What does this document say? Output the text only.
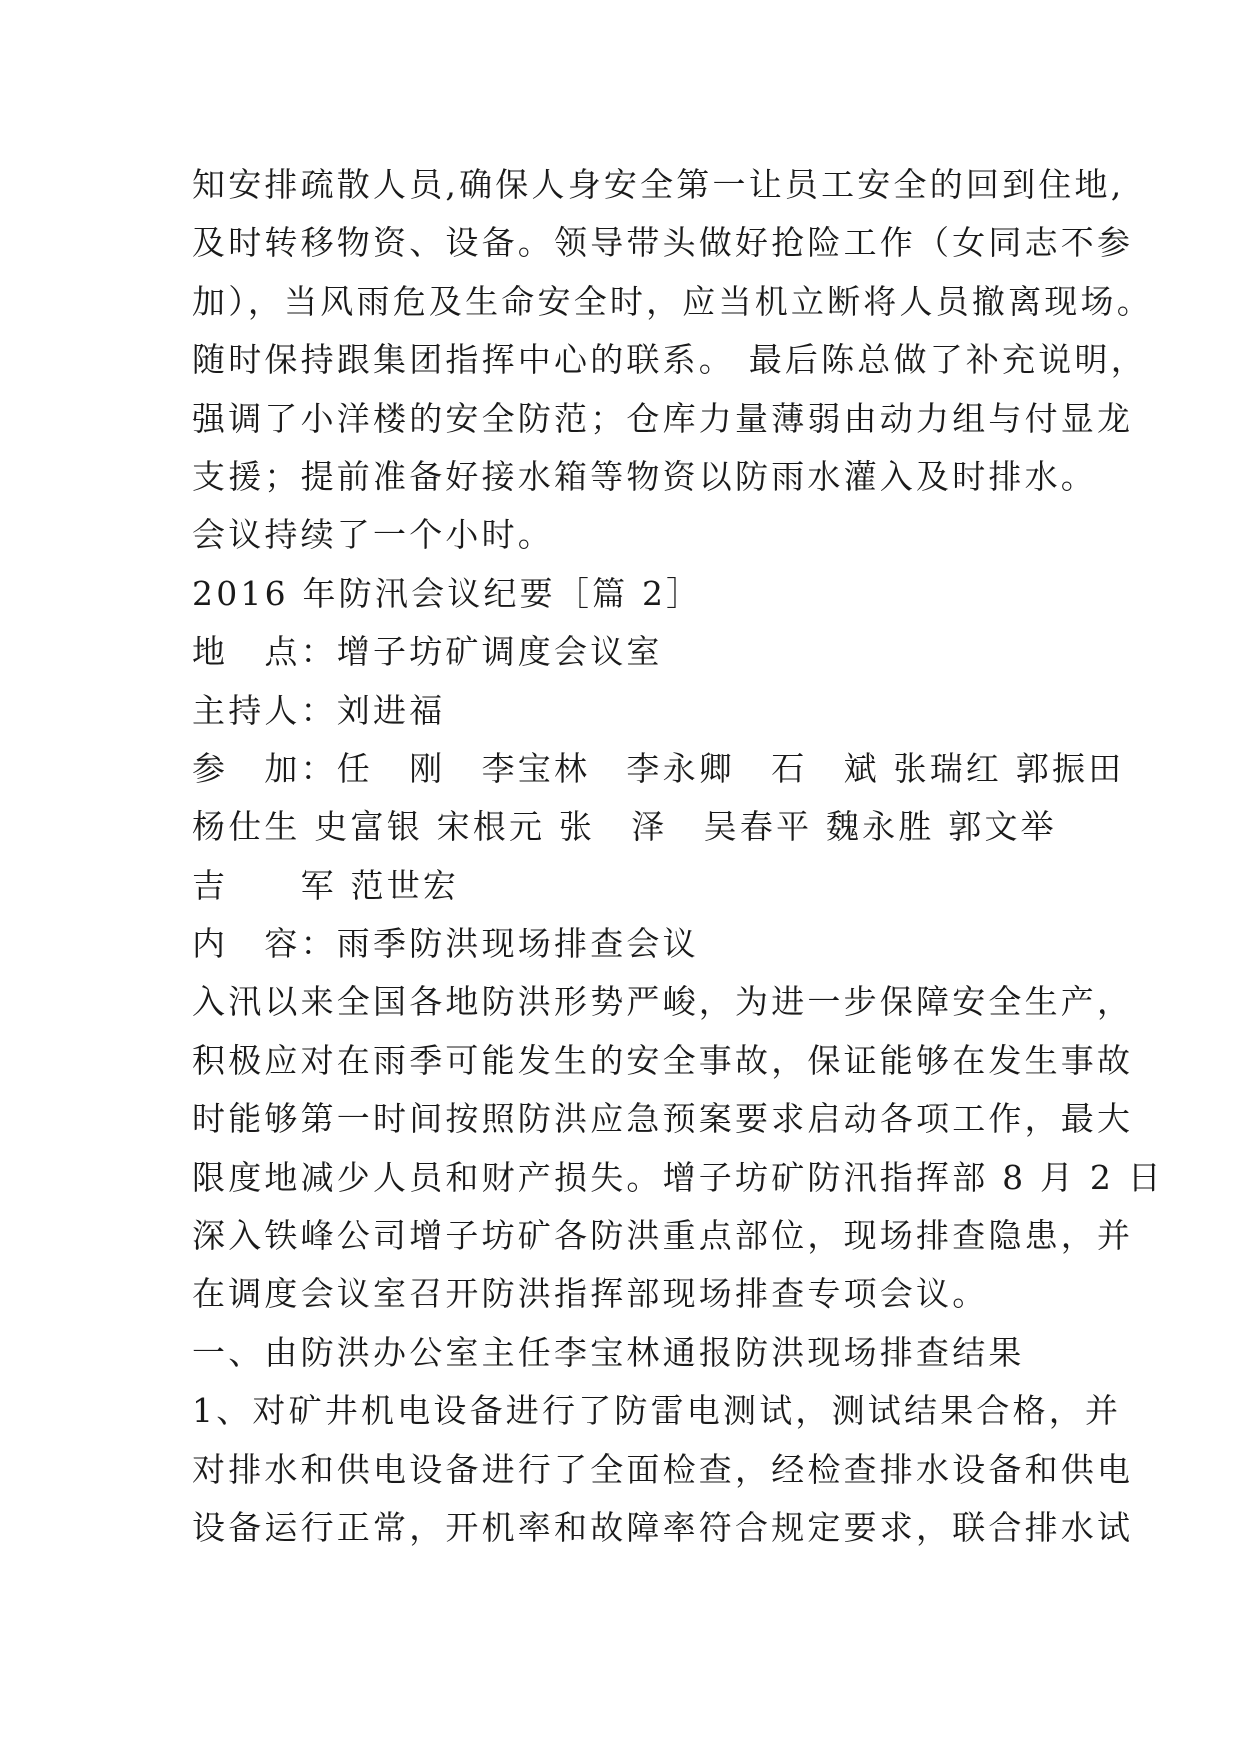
知安排疏散人员,确保人身安全第一让员工安全的回到住地,
及时转移物资、设备。领导带头做好抢险工作（女同志不参
加），当风雨危及生命安全时，应当机立断将人员撤离现场。
随时保持跟集团指挥中心的联系。 最后陈总做了补充说明，
强调了小洋楼的安全防范；仓库力量薄弱由动力组与付显龙
支援；提前准备好接水箱等物资以防雨水灌入及时排水。
会议持续了一个小时。
2016 年防汛会议纪要［篇 2］
地　点：增子坊矿调度会议室
主持人：刘进福
参　加：任　刚　李宝林　李永卿　石　斌 张瑞红 郭振田
杨仕生 史富银 宋根元 张　泽　吴春平 魏永胜 郭文举
吉　　军 范世宏
内　容：雨季防洪现场排查会议
入汛以来全国各地防洪形势严峻，为进一步保障安全生产，
积极应对在雨季可能发生的安全事故，保证能够在发生事故
时能够第一时间按照防洪应急预案要求启动各项工作，最大
限度地减少人员和财产损失。增子坊矿防汛指挥部 8 月 2 日
深入铁峰公司增子坊矿各防洪重点部位，现场排查隐患，并
在调度会议室召开防洪指挥部现场排查专项会议。
一、由防洪办公室主任李宝林通报防洪现场排查结果
1、对矿井机电设备进行了防雷电测试，测试结果合格，并
对排水和供电设备进行了全面检查，经检查排水设备和供电
设备运行正常，开机率和故障率符合规定要求，联合排水试
